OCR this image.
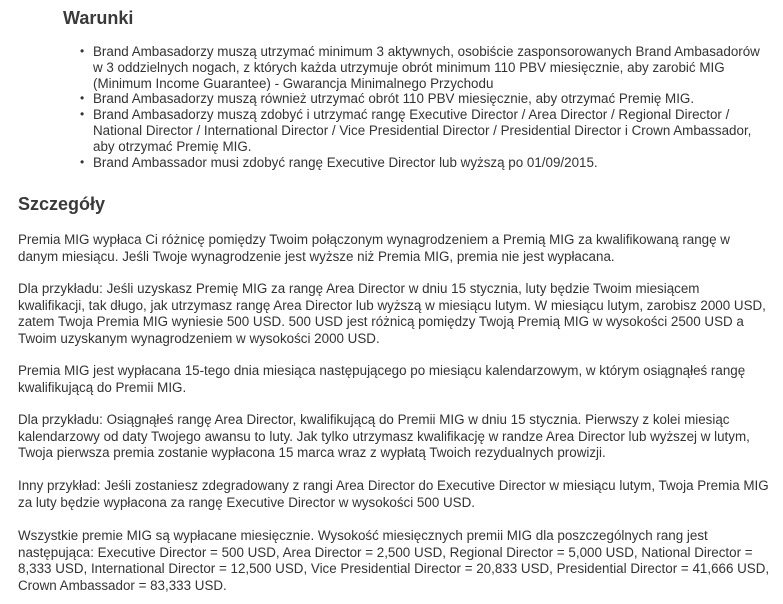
Warunki
• Brand Ambasadorzy muszą utrzymać minimum 3 aktywnych, osobiście zasponsorowanych Brand Ambasadorów w 3 oddzielnych nogach, z których każda utrzymuje obrót minimum 110 PBV miesięcznie, aby zarobić MIG (Minimum Income Guarantee) - Gwarancja Minimalnego Przychodu
• Brand Ambasadorzy muszą również utrzymać obrót 110 PBV miesięcznie, aby otrzymać Premię MIG.
• Brand Ambasadorzy muszą zdobyć i utrzymać rangę Executive Director / Area Director / Regional Director / National Director / International Director / Vice Presidential Director / Presidential Director i Crown Ambassador, aby otrzymać Premię MIG.
• Brand Ambassador musi zdobyć rangę Executive Director lub wyższą po 01/09/2015.
Szczegóły

Premia MIG wypłaca Ci różnicę pomiędzy Twoim połączonym wynagrodzeniem a Premią MIG za kwalifikowaną rangę w danym miesiącu. Jeśli Twoje wynagrodzenie jest wyższe niż Premia MIG, premia nie jest wypłacana.

Dla przykładu: Jeśli uzyskasz Premię MIG za rangę Area Director w dniu 15 stycznia, luty będzie Twoim miesiącem kwalifikacji, tak długo, jak utrzymasz rangę Area Director lub wyższą w miesiącu lutym. W miesiącu lutym, zarobisz 2000 USD, zatem Twoja Premia MIG wyniesie 500 USD. 500 USD jest różnicą pomiędzy Twoją Premią MIG w wysokości 2500 USD a Twoim uzyskanym wynagrodzeniem w wysokości 2000 USD.

Premia MIG jest wypłacana 15-tego dnia miesiąca następującego po miesiącu kalendarzowym, w którym osiągnąłeś rangę kwalifikującą do Premii MIG.

Dla przykładu: Osiągnąłeś rangę Area Director, kwalifikującą do Premii MIG w dniu 15 stycznia. Pierwszy z kolei miesiąc kalendarzowy od daty Twojego awansu to luty. Jak tylko utrzymasz kwalifikację w randze Area Director lub wyższej w lutym, Twoja pierwsza premia zostanie wypłacona 15 marca wraz z wypłatą Twoich rezydualnych prowizji.

Inny przykład: Jeśli zostaniesz zdegradowany z rangi Area Director do Executive Director w miesiącu lutym, Twoja Premia MIG za luty będzie wypłacona za rangę Executive Director w wysokości 500 USD.

Wszystkie premie MIG są wypłacane miesięcznie. Wysokość miesięcznych premii MIG dla poszczególnych rang jest następująca: Executive Director = 500 USD, Area Director = 2,500 USD, Regional Director = 5,000 USD, National Director = 8,333 USD, International Director = 12,500 USD, Vice Presidential Director = 20,833 USD, Presidential Director = 41,666 USD, Crown Ambassador = 83,333 USD.
